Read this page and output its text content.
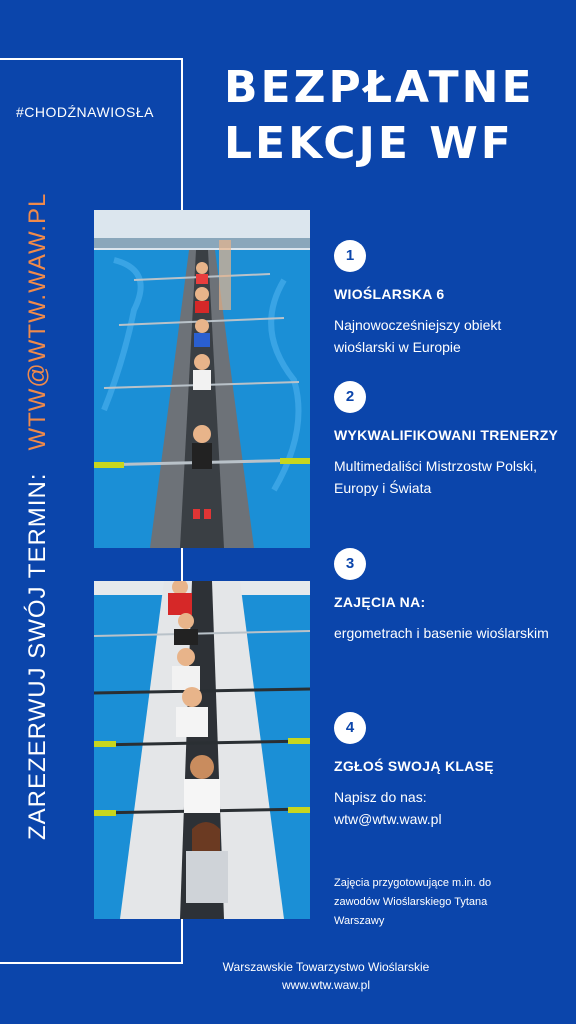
#CHODŹNAWIOSŁA
ZAREZERWUJ SWÓJ TERMIN:WTW@WTW.WAW.PL
BEZPŁATNE
LEKCJE WF
1
WIOŚLARSKA 6
Najnowocześniejszy obiekt wioślarski w Europie
2
WYKWALIFIKOWANI TRENERZY
Multimedaliści Mistrzostw Polski, Europy i Świata
3
ZAJĘCIA NA:
ergometrach i basenie wioślarskim
4
ZGŁOŚ SWOJĄ KLASĘ
Napisz do nas:
wtw@wtw.waw.pl
Zajęcia przygotowujące m.in. do zawodów Wioślarskiego Tytana Warszawy
Warszawskie Towarzystwo Wioślarskie
www.wtw.waw.pl
